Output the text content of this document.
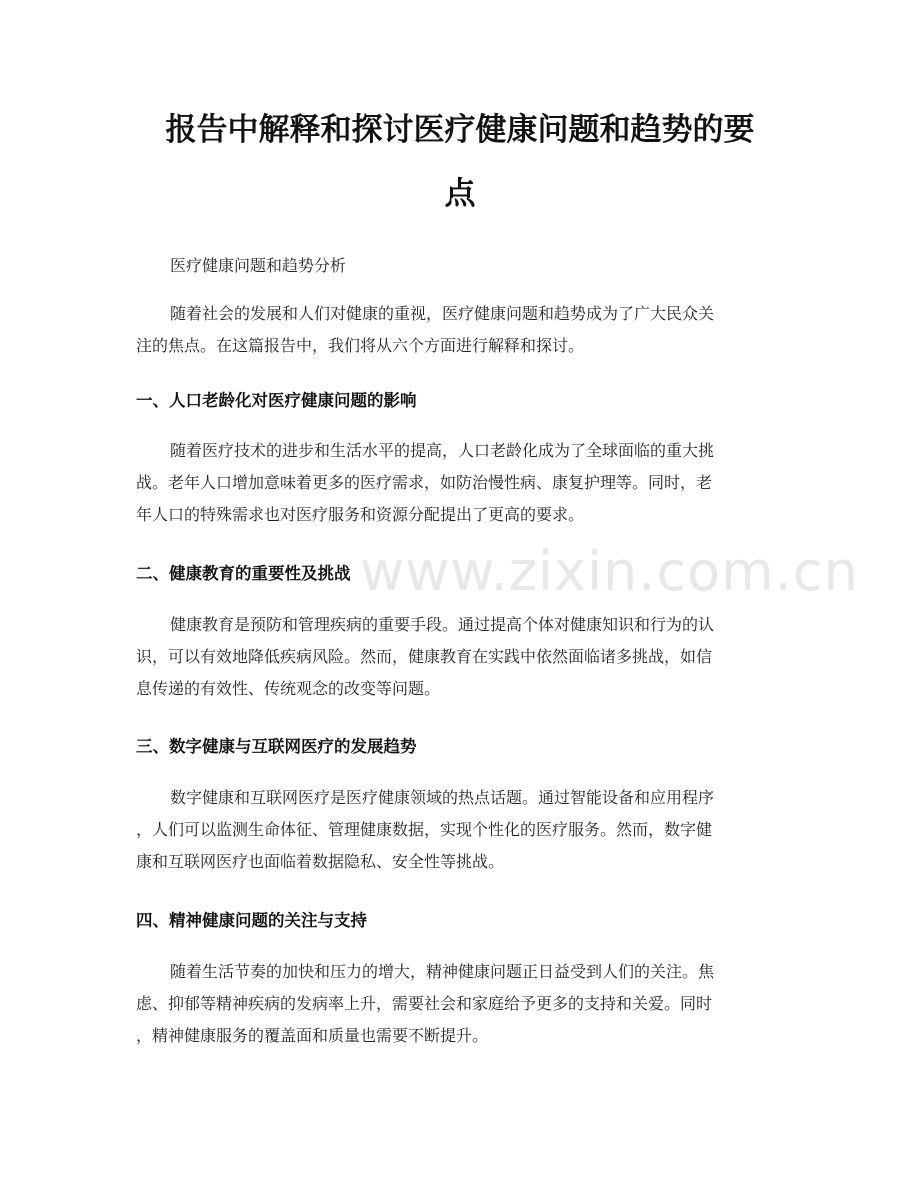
www.zixin.com.cn
报告中解释和探讨医疗健康问题和趋势的要
点

医疗健康问题和趋势分析

随着社会的发展和人们对健康的重视，医疗健康问题和趋势成为了广大民众关
注的焦点。在这篇报告中，我们将从六个方面进行解释和探讨。

一、人口老龄化对医疗健康问题的影响

随着医疗技术的进步和生活水平的提高，人口老龄化成为了全球面临的重大挑
战。老年人口增加意味着更多的医疗需求，如防治慢性病、康复护理等。同时，老
年人口的特殊需求也对医疗服务和资源分配提出了更高的要求。

二、健康教育的重要性及挑战

健康教育是预防和管理疾病的重要手段。通过提高个体对健康知识和行为的认
识，可以有效地降低疾病风险。然而，健康教育在实践中依然面临诸多挑战，如信
息传递的有效性、传统观念的改变等问题。

三、数字健康与互联网医疗的发展趋势

数字健康和互联网医疗是医疗健康领域的热点话题。通过智能设备和应用程序
，人们可以监测生命体征、管理健康数据，实现个性化的医疗服务。然而，数字健
康和互联网医疗也面临着数据隐私、安全性等挑战。

四、精神健康问题的关注与支持

随着生活节奏的加快和压力的增大，精神健康问题正日益受到人们的关注。焦
虑、抑郁等精神疾病的发病率上升，需要社会和家庭给予更多的支持和关爱。同时
，精神健康服务的覆盖面和质量也需要不断提升。
